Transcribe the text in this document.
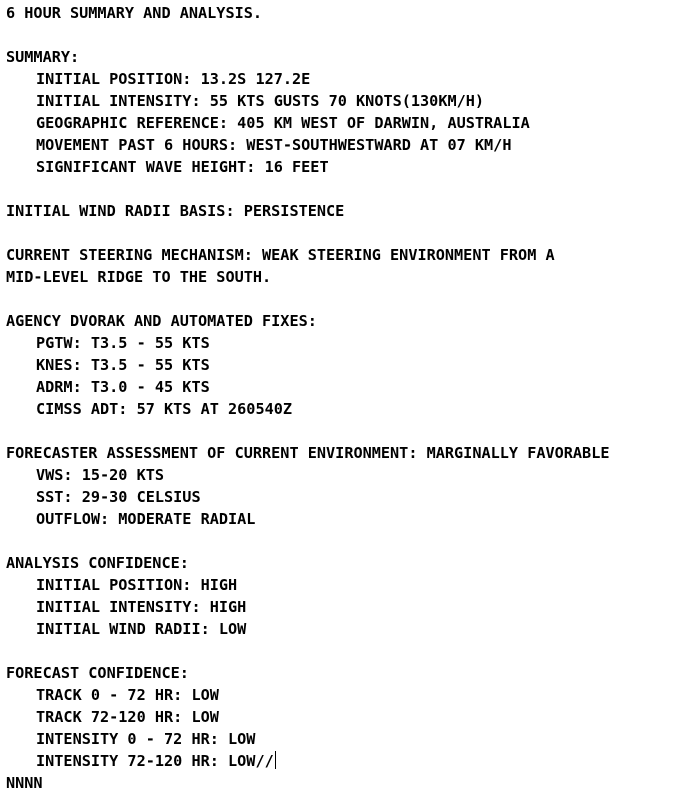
6 HOUR SUMMARY AND ANALYSIS.
SUMMARY:
INITIAL POSITION: 13.2S 127.2E
INITIAL INTENSITY: 55 KTS GUSTS 70 KNOTS(130KM/H)
GEOGRAPHIC REFERENCE: 405 KM WEST OF DARWIN, AUSTRALIA
MOVEMENT PAST 6 HOURS: WEST-SOUTHWESTWARD AT 07 KM/H
SIGNIFICANT WAVE HEIGHT: 16 FEET
INITIAL WIND RADII BASIS: PERSISTENCE
CURRENT STEERING MECHANISM: WEAK STEERING ENVIRONMENT FROM A
MID-LEVEL RIDGE TO THE SOUTH.
AGENCY DVORAK AND AUTOMATED FIXES:
PGTW: T3.5 - 55 KTS
KNES: T3.5 - 55 KTS
ADRM: T3.0 - 45 KTS
CIMSS ADT: 57 KTS AT 260540Z
FORECASTER ASSESSMENT OF CURRENT ENVIRONMENT: MARGINALLY FAVORABLE
VWS: 15-20 KTS
SST: 29-30 CELSIUS
OUTFLOW: MODERATE RADIAL
ANALYSIS CONFIDENCE:
INITIAL POSITION: HIGH
INITIAL INTENSITY: HIGH
INITIAL WIND RADII: LOW
FORECAST CONFIDENCE:
TRACK 0 - 72 HR: LOW
TRACK 72-120 HR: LOW
INTENSITY 0 - 72 HR: LOW
INTENSITY 72-120 HR: LOW//
NNNN
